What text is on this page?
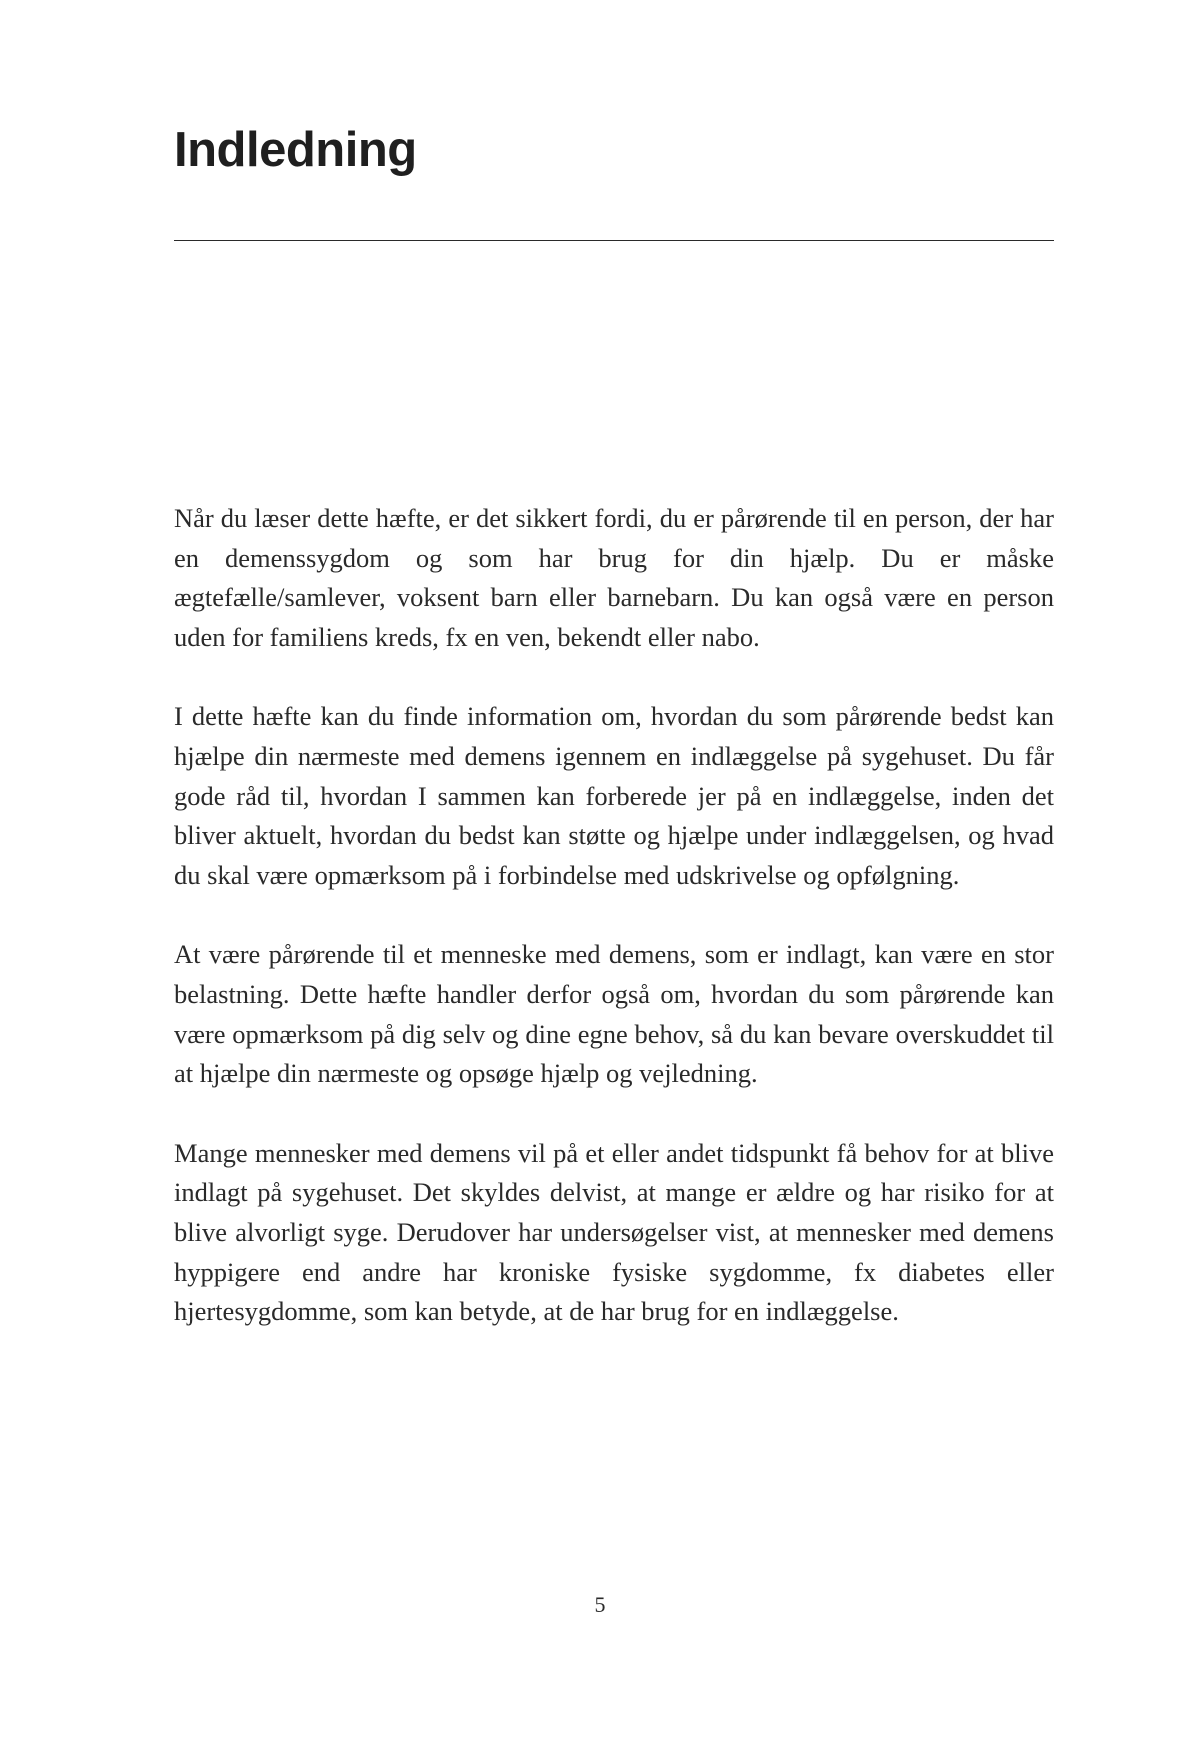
Indledning

Når du læser dette hæfte, er det sikkert fordi, du er pårørende til en person, der har en demenssygdom og som har brug for din hjælp. Du er måske ægtefælle/samlever, voksent barn eller barnebarn. Du kan også være en person uden for familiens kreds, fx en ven, bekendt eller nabo.

I dette hæfte kan du finde information om, hvordan du som pårørende bedst kan hjælpe din nærmeste med demens igennem en indlæggelse på sygehuset. Du får gode råd til, hvordan I sammen kan forberede jer på en indlæggelse, inden det bliver aktuelt, hvordan du bedst kan støtte og hjælpe under indlæggelsen, og hvad du skal være opmærksom på i forbindelse med udskrivelse og opfølgning.

At være pårørende til et menneske med demens, som er indlagt, kan være en stor belastning. Dette hæfte handler derfor også om, hvordan du som pårørende kan være opmærksom på dig selv og dine egne behov, så du kan bevare overskuddet til at hjælpe din nærmeste og opsøge hjælp og vejledning.

Mange mennesker med demens vil på et eller andet tidspunkt få behov for at blive indlagt på sygehuset. Det skyldes delvist, at mange er ældre og har risiko for at blive alvorligt syge. Derudover har undersøgelser vist, at mennesker med demens hyppigere end andre har kroniske fysiske sygdomme, fx diabetes eller hjertesygdomme, som kan betyde, at de har brug for en indlæggelse.

5
